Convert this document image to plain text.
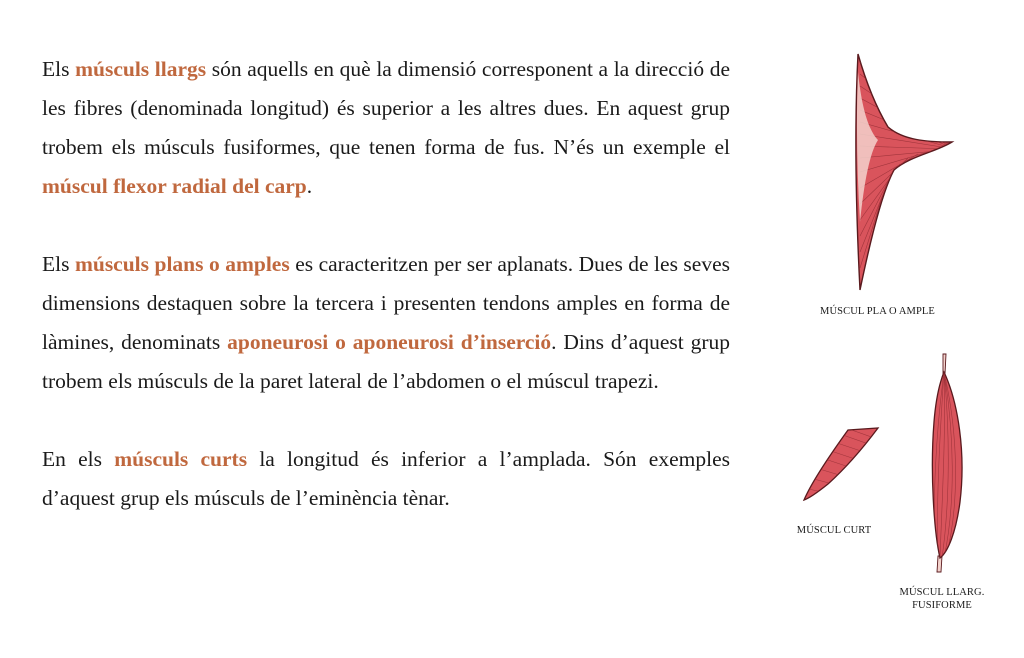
Els músculs llargs són aquells en què la dimensió corresponent a la direcció de les fibres (denominada longitud) és superior a les altres dues. En aquest grup trobem els músculs fusiformes, que tenen forma de fus. N’és un exemple el múscul flexor radial del carp.

Els músculs plans o amples es caracteritzen per ser aplanats. Dues de les seves dimensions destaquen sobre la tercera i presenten tendons amples en forma de làmines, denominats aponeurosi o aponeurosi d’inserció. Dins d’aquest grup trobem els músculs de la paret lateral de l’abdomen o el múscul trapezi.

En els músculs curts la longitud és inferior a l’amplada. Són exemples d’aquest grup els músculs de l’eminència tènar.

MÚSCUL PLA O AMPLE
MÚSCUL CURT
MÚSCUL LLARG.
FUSIFORME
